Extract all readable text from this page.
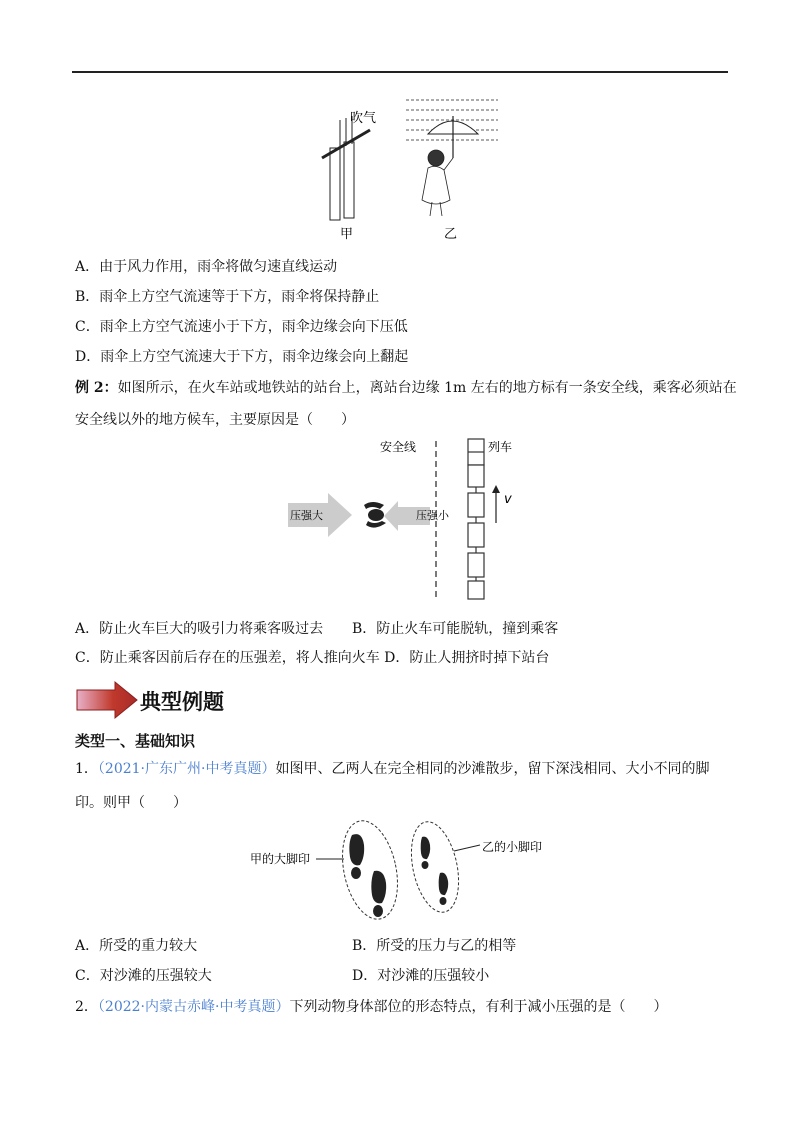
吹气
甲	乙
A．由于风力作用，雨伞将做匀速直线运动
B．雨伞上方空气流速等于下方，雨伞将保持静止
C．雨伞上方空气流速小于下方，雨伞边缘会向下压低
D．雨伞上方空气流速大于下方，雨伞边缘会向上翻起
例 2：如图所示，在火车站或地铁站的站台上，离站台边缘 1m 左右的地方标有一条安全线，乘客必须站在
安全线以外的地方候车，主要原因是（　　）
安全线	列车
v
压强大	压强小
A．防止火车巨大的吸引力将乘客吸过去 B．防止火车可能脱轨，撞到乘客
C．防止乘客因前后存在的压强差，将人推向火车 D．防止人拥挤时掉下站台
典型例题
类型一、基础知识
1．（2021·广东广州·中考真题）如图甲、乙两人在完全相同的沙滩散步，留下深浅相同、大小不同的脚
印。则甲（　　）
甲的大脚印
乙的小脚印
A．所受的重力较大	B．所受的压力与乙的相等
C．对沙滩的压强较大	D．对沙滩的压强较小
2．（2022·内蒙古赤峰·中考真题）下列动物身体部位的形态特点，有利于减小压强的是（　　）
